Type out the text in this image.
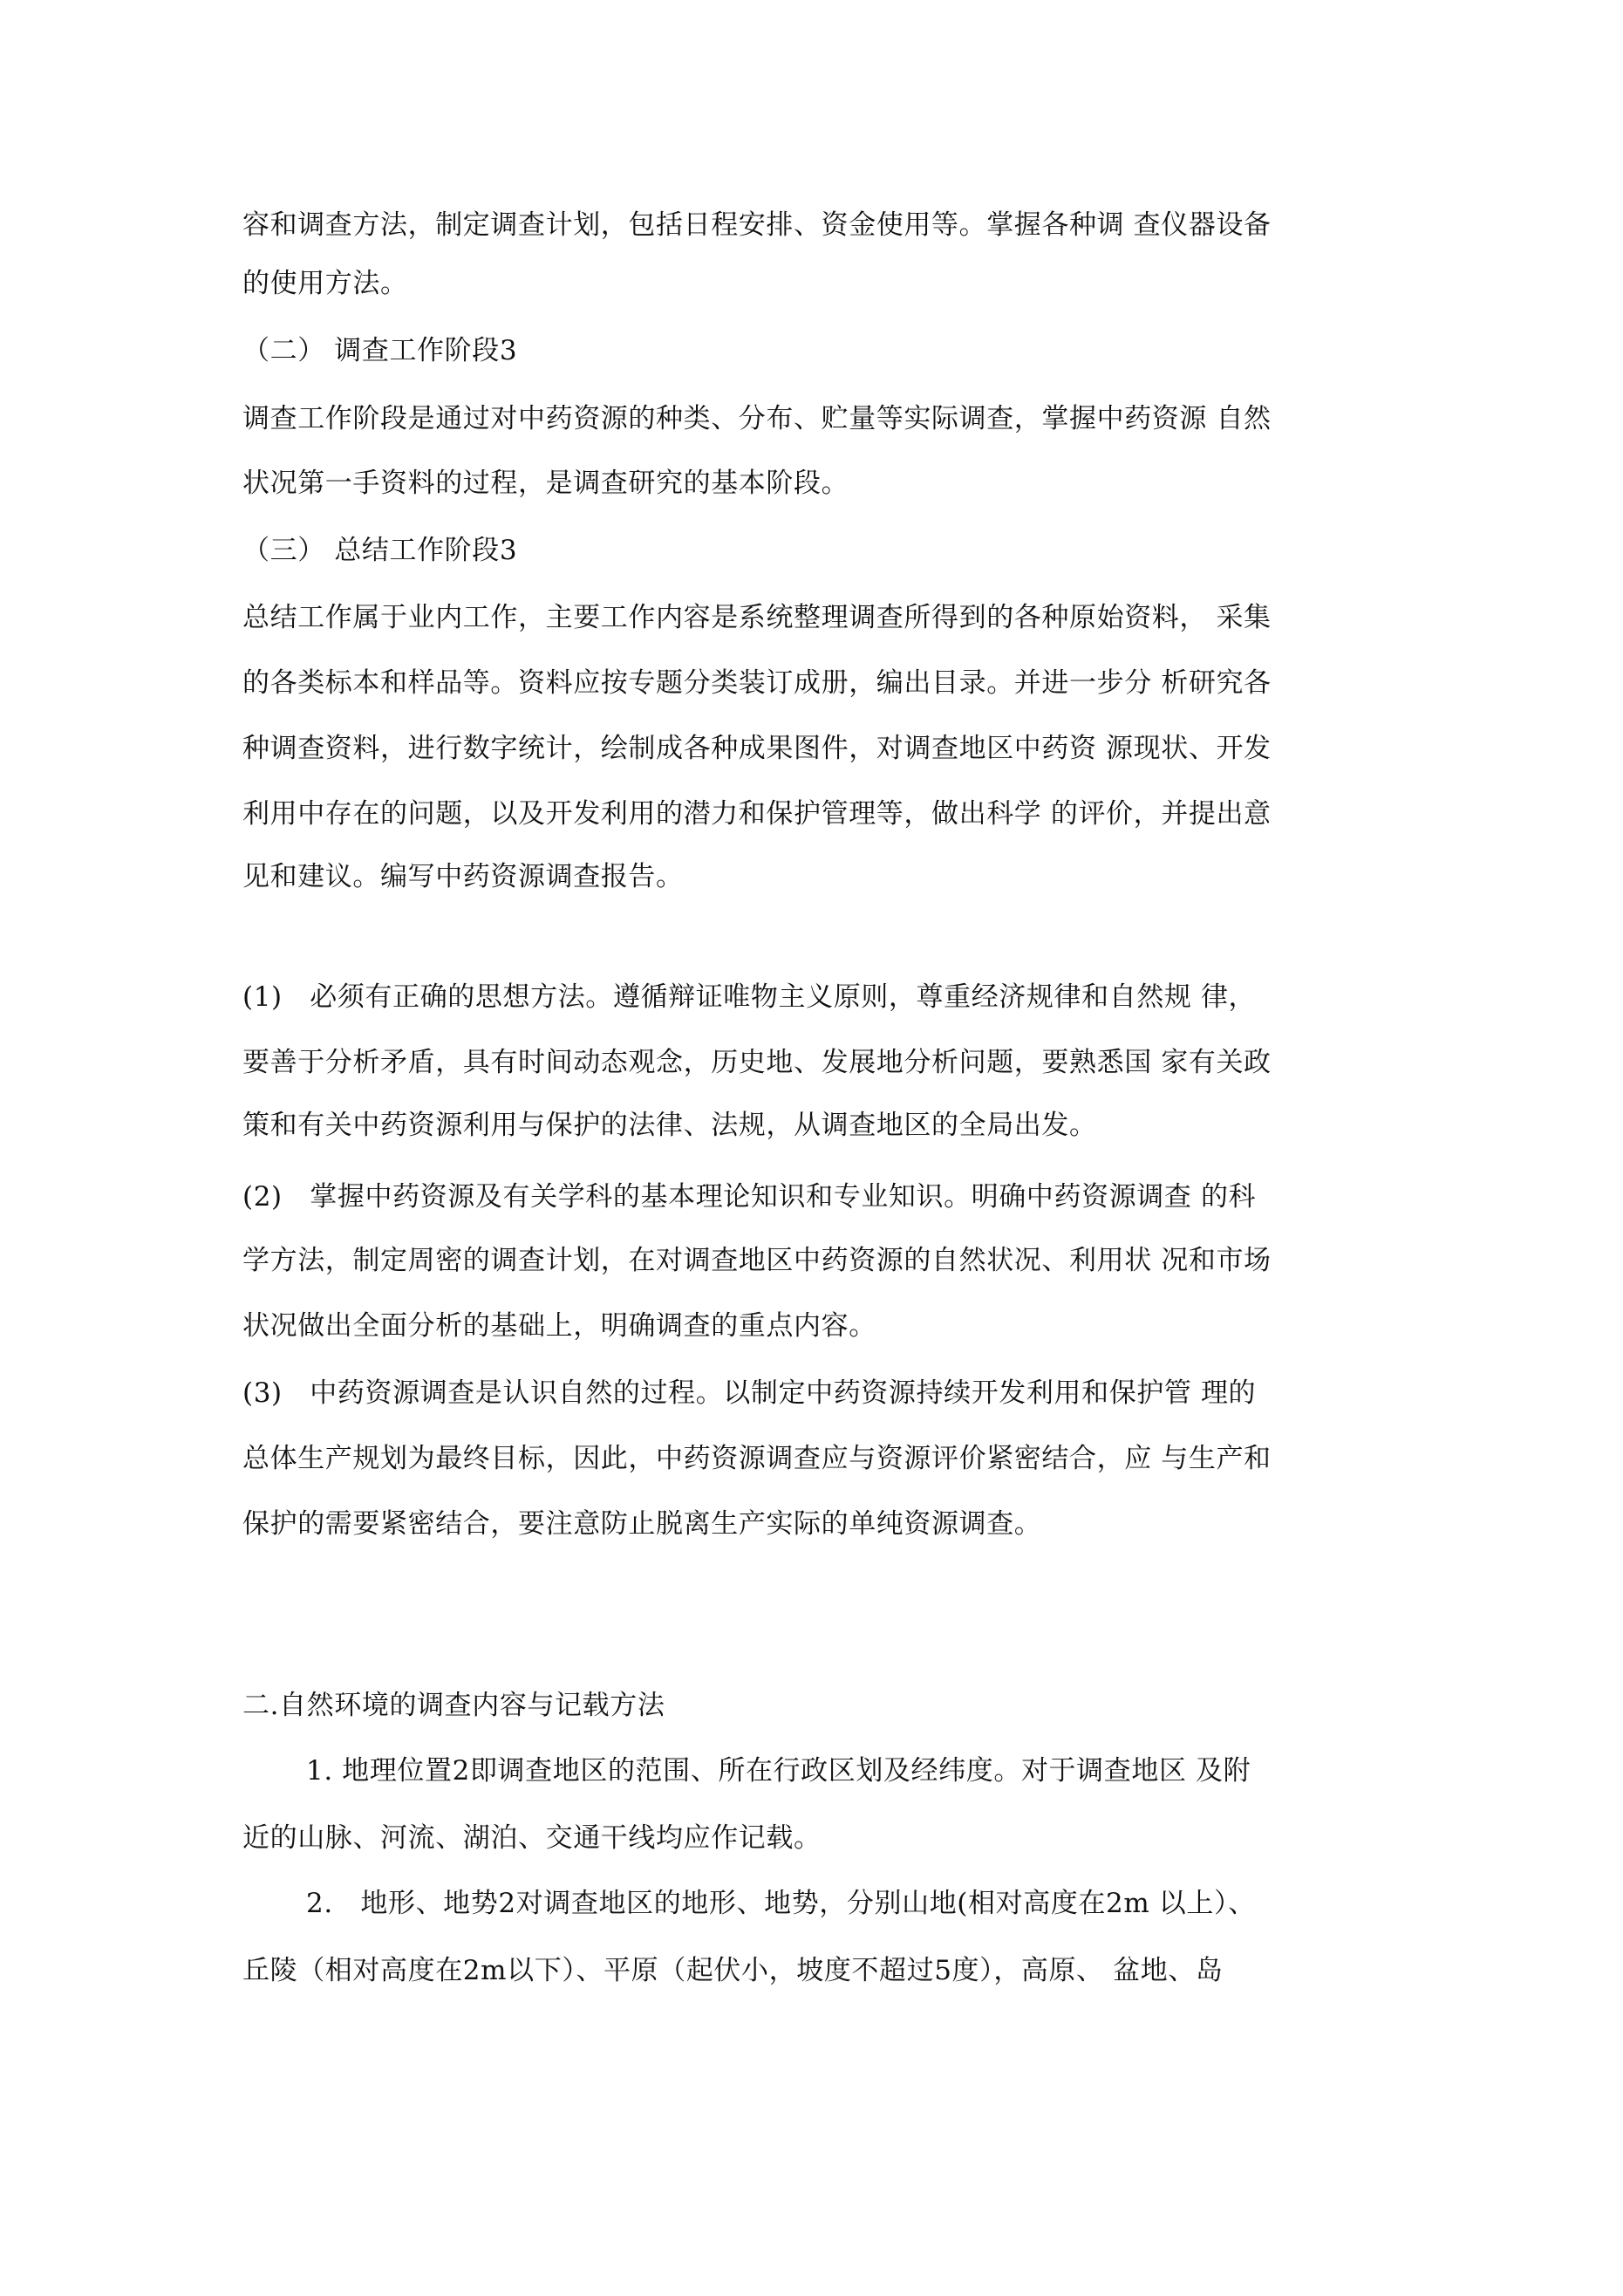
容和调查方法，制定调查计划，包括日程安排、资金使用等。掌握各种调 查仪器设备
的使用方法。
（二） 调查工作阶段3
调查工作阶段是通过对中药资源的种类、分布、贮量等实际调查，掌握中药资源 自然
状况第一手资料的过程，是调查研究的基本阶段。
（三） 总结工作阶段3
总结工作属于业内工作，主要工作内容是系统整理调查所得到的各种原始资料， 采集
的各类标本和样品等。资料应按专题分类装订成册，编出目录。并进一步分 析研究各
种调查资料，进行数字统计，绘制成各种成果图件，对调查地区中药资 源现状、开发
利用中存在的问题，以及开发利用的潜力和保护管理等，做出科学 的评价，并提出意
见和建议。编写中药资源调查报告。
(1)　必须有正确的思想方法。遵循辩证唯物主义原则，尊重经济规律和自然规 律，
要善于分析矛盾，具有时间动态观念，历史地、发展地分析问题，要熟悉国 家有关政
策和有关中药资源利用与保护的法律、法规，从调查地区的全局出发。
(2)　掌握中药资源及有关学科的基本理论知识和专业知识。明确中药资源调查 的科
学方法，制定周密的调查计划，在对调查地区中药资源的自然状况、利用状 况和市场
状况做出全面分析的基础上，明确调查的重点内容。
(3)　中药资源调查是认识自然的过程。以制定中药资源持续开发利用和保护管 理的
总体生产规划为最终目标，因此，中药资源调查应与资源评价紧密结合，应 与生产和
保护的需要紧密结合，要注意防止脱离生产实际的单纯资源调查。
二.自然环境的调查内容与记载方法
1. 地理位置2即调查地区的范围、所在行政区划及经纬度。对于调查地区 及附
近的山脉、河流、湖泊、交通干线均应作记载。
2.　地形、地势2对调查地区的地形、地势，分别山地(相对高度在2m 以上）、
丘陵（相对高度在2m以下）、平原（起伏小，坡度不超过5度），高原、 盆地、岛
